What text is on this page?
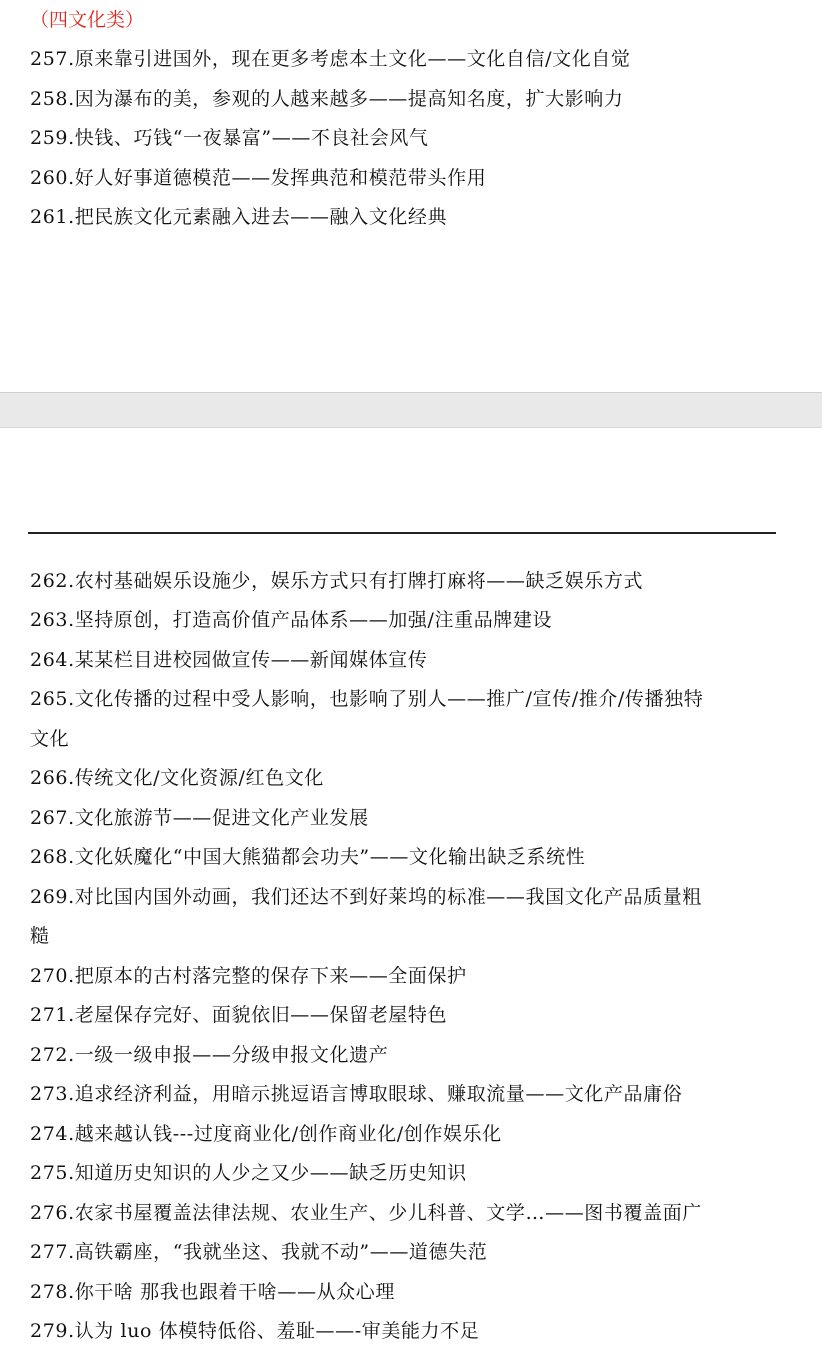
（四文化类）
257.原来靠引进国外，现在更多考虑本土文化——文化自信/文化自觉
258.因为瀑布的美，参观的人越来越多——提高知名度，扩大影响力
259.快钱、巧钱“一夜暴富”——不良社会风气
260.好人好事道德模范——发挥典范和模范带头作用
261.把民族文化元素融入进去——融入文化经典
262.农村基础娱乐设施少，娱乐方式只有打牌打麻将——缺乏娱乐方式
263.坚持原创，打造高价值产品体系——加强/注重品牌建设
264.某某栏目进校园做宣传——新闻媒体宣传
265.文化传播的过程中受人影响，也影响了别人——推广/宣传/推介/传播独特
文化
266.传统文化/文化资源/红色文化
267.文化旅游节——促进文化产业发展
268.文化妖魔化“中国大熊猫都会功夫”——文化输出缺乏系统性
269.对比国内国外动画，我们还达不到好莱坞的标准——我国文化产品质量粗
糙
270.把原本的古村落完整的保存下来——全面保护
271.老屋保存完好、面貌依旧——保留老屋特色
272.一级一级申报——分级申报文化遗产
273.追求经济利益，用暗示挑逗语言博取眼球、赚取流量——文化产品庸俗
274.越来越认钱---过度商业化/创作商业化/创作娱乐化
275.知道历史知识的人少之又少——缺乏历史知识
276.农家书屋覆盖法律法规、农业生产、少儿科普、文学…——图书覆盖面广
277.高铁霸座，“我就坐这、我就不动”——道德失范
278.你干啥 那我也跟着干啥——从众心理
279.认为 luo 体模特低俗、羞耻——-审美能力不足
